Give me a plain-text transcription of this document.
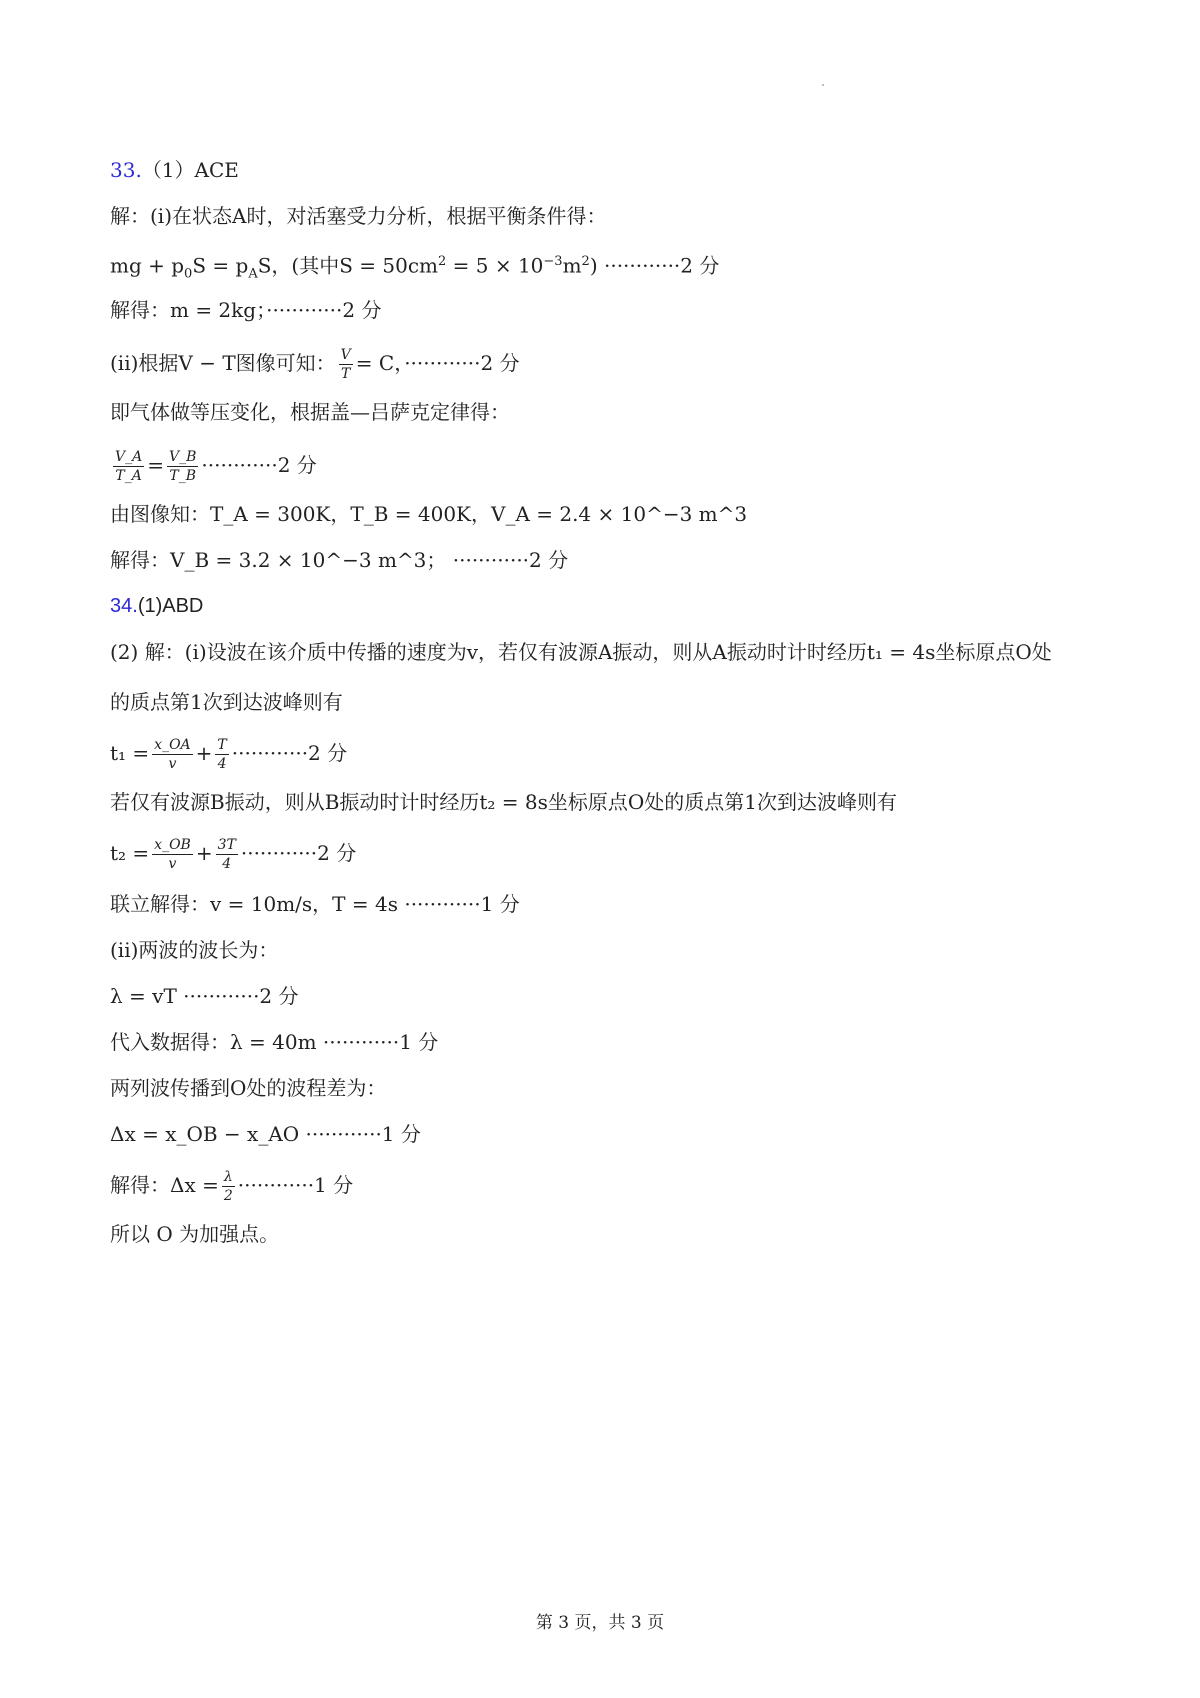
33.（1）ACE
解：(i)在状态A时，对活塞受力分析，根据平衡条件得：
mg + $p_0S = p_AS$，(其中$S = 50cm^2 = 5 \times 10^{-3}m^2) \cdot\cdot\cdot\cdot\cdot\cdot\cdot\cdot\cdot\cdot\cdot\cdot 2$ 分
解得：m = 2kg；············2 分
(ii)根据V − T图像可知： $\frac{V}{T} = C$，············2 分
即气体做等压变化，根据盖—吕萨克定律得：
$\frac{V\_A}{T\_A} = \frac{V\_B}{T\_B} \cdot\cdot\cdot\cdot\cdot\cdot\cdot\cdot\cdot\cdot\cdot\cdot 2$ 分
由图像知：T_A = 300K，T_B = 400K，V_A = 2.4 × 10^−3 m^3
解得：V_B = 3.2 × 10^−3 m^3； ············2 分
34.(1)ABD
(2) 解：(i)设波在该介质中传播的速度为v，若仅有波源A振动，则从A振动时计时经历t₁ = 4s坐标原点O处
的质点第1次到达波峰则有
$t_1 = \frac{x\_OA}{v} + \frac{T}{4} \cdot\cdot\cdot\cdot\cdot\cdot\cdot\cdot\cdot\cdot\cdot\cdot 2$ 分
若仅有波源B振动，则从B振动时计时经历t₂ = 8s坐标原点O处的质点第1次到达波峰则有
$t_2 = \frac{x\_OB}{v} + \frac{3T}{4} \cdot\cdot\cdot\cdot\cdot\cdot\cdot\cdot\cdot\cdot\cdot\cdot 2$ 分
联立解得：v = 10m/s，T = 4s ············1 分
(ii)两波的波长为：
λ = vT ············2 分
代入数据得：λ = 40m ············1 分
两列波传播到O处的波程差为：
Δx = x_OB − x_AO ············1 分
解得：$\Delta x = \frac{\lambda}{2} \cdot\cdot\cdot\cdot\cdot\cdot\cdot\cdot\cdot\cdot\cdot\cdot 1$ 分
所以 O 为加强点。
第 3 页，共 3 页
